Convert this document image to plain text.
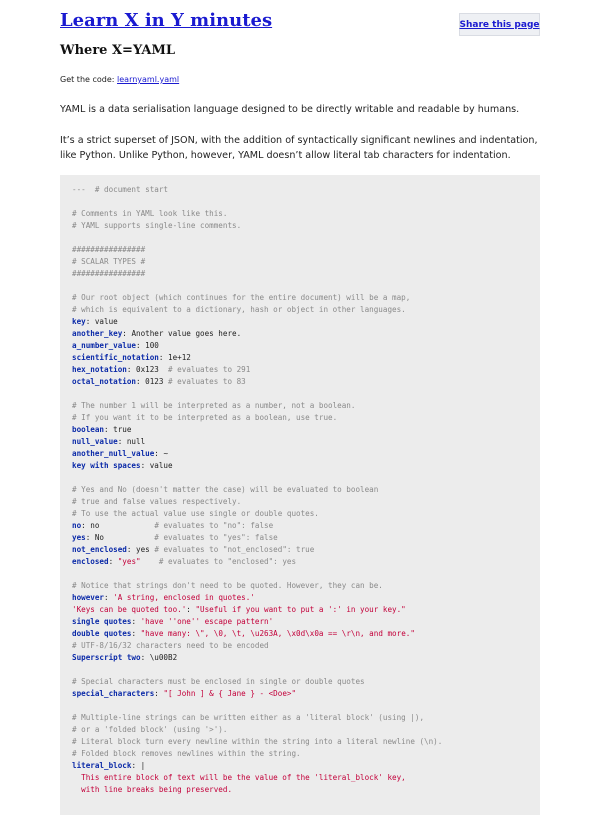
Learn X in Y minutes	Share this page
Where X=YAML
Get the code: learnyaml.yaml
YAML is a data serialisation language designed to be directly writable and readable by humans.
It’s a strict superset of JSON, with the addition of syntactically significant newlines and indentation, like Python. Unlike Python, however, YAML doesn’t allow literal tab characters for indentation.
---  # document start
# Comments in YAML look like this.
# YAML supports single-line comments.
################
# SCALAR TYPES #
################
# Our root object (which continues for the entire document) will be a map,
# which is equivalent to a dictionary, hash or object in other languages.
key: value
another_key: Another value goes here.
a_number_value: 100
scientific_notation: 1e+12
hex_notation: 0x123  # evaluates to 291
octal_notation: 0123 # evaluates to 83
# The number 1 will be interpreted as a number, not a boolean.
# If you want it to be interpreted as a boolean, use true.
boolean: true
null_value: null
another_null_value: ~
key with spaces: value
# Yes and No (doesn't matter the case) will be evaluated to boolean
# true and false values respectively.
# To use the actual value use single or double quotes.
no: no            # evaluates to "no": false
yes: No           # evaluates to "yes": false
not_enclosed: yes # evaluates to "not_enclosed": true
enclosed: "yes" # evaluates to "enclosed": yes
# Notice that strings don't need to be quoted. However, they can be.
however: 'A string, enclosed in quotes.'
'Keys can be quoted too.': "Useful if you want to put a ':' in your key."
single quotes: 'have ''one'' escape pattern'
double quotes: "have many: \", \0, \t, \u263A, \x0d\x0a == \r\n, and more."
# UTF-8/16/32 characters need to be encoded
Superscript two: \u00B2
# Special characters must be enclosed in single or double quotes
special_characters: "[ John ] & { Jane } - <Doe>"
# Multiple-line strings can be written either as a 'literal block' (using |),
# or a 'folded block' (using '>').
# Literal block turn every newline within the string into a literal newline (\n).
# Folded block removes newlines within the string.
literal_block: |
This entire block of text will be the value of the 'literal_block' key,
with line breaks being preserved.
